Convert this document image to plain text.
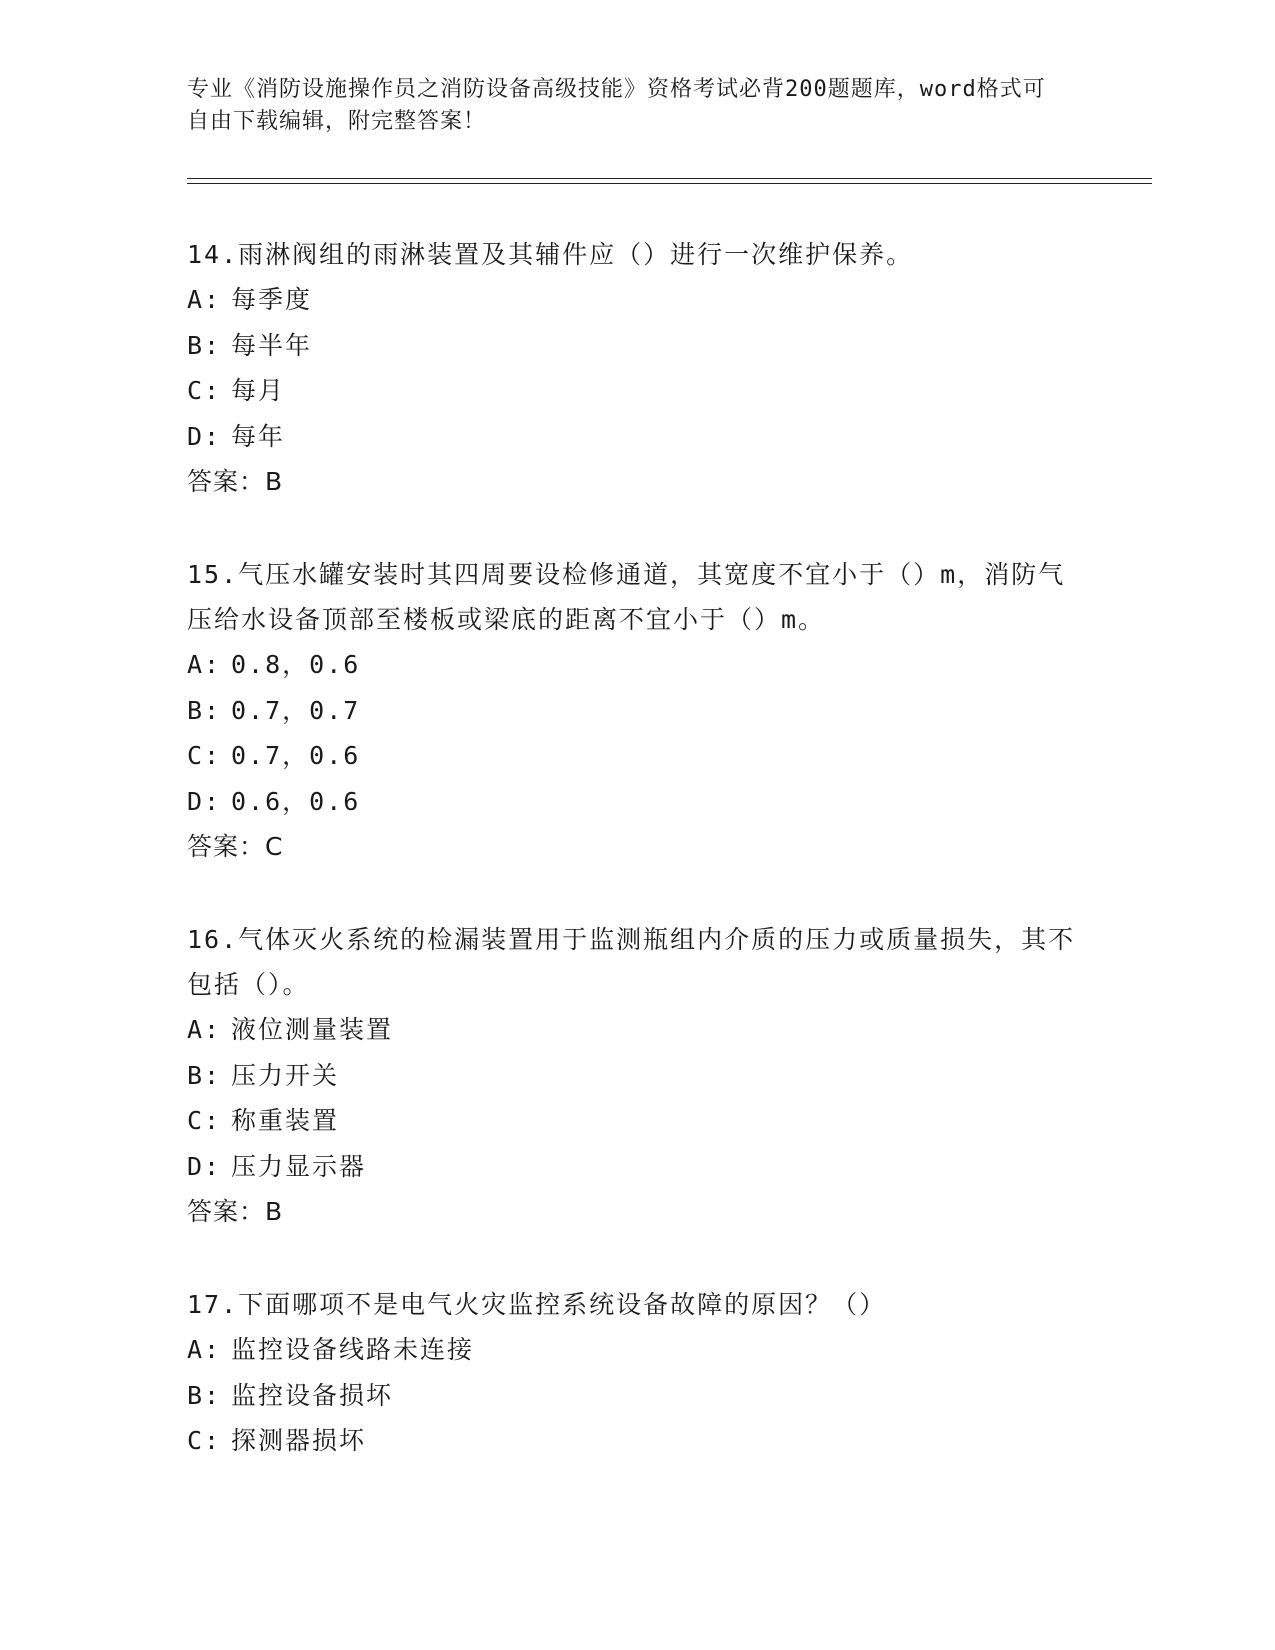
专业《消防设施操作员之消防设备高级技能》资格考试必背200题题库，word格式可自由下载编辑，附完整答案！

14.雨淋阀组的雨淋装置及其辅件应（）进行一次维护保养。

A: 每季度

B: 每半年

C: 每月

D: 每年

答案：B

15.气压水罐安装时其四周要设检修通道，其宽度不宜小于（）m，消防气压给水设备顶部至楼板或梁底的距离不宜小于（）m。

A: 0.8，0.6

B: 0.7，0.7

C: 0.7，0.6

D: 0.6，0.6

答案：C

16.气体灭火系统的检漏装置用于监测瓶组内介质的压力或质量损失，其不包括（）。

A: 液位测量装置

B: 压力开关

C: 称重装置

D: 压力显示器

答案：B

17.下面哪项不是电气火灾监控系统设备故障的原因？（）

A: 监控设备线路未连接

B: 监控设备损坏

C: 探测器损坏
